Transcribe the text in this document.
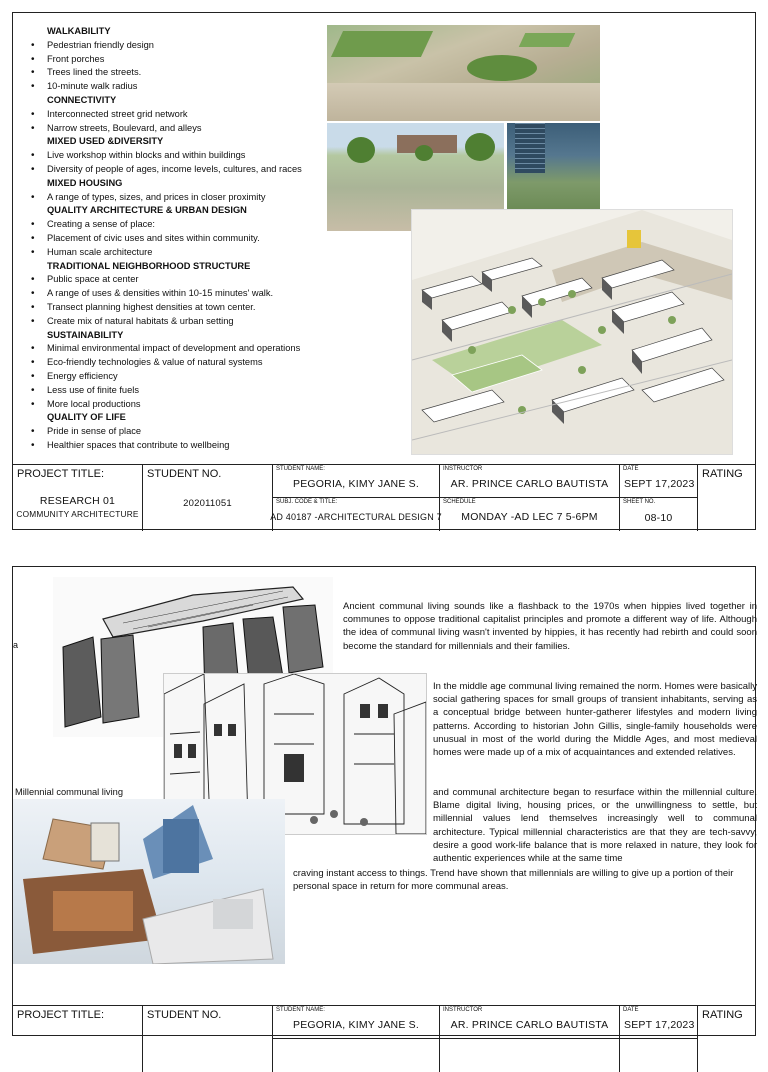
WALKABILITY
• Pedestrian friendly design
• Front porches
• Trees lined the streets.
• 10-minute walk radius
CONNECTIVITY
• Interconnected street grid network
• Narrow streets, Boulevard, and alleys
MIXED USED &DIVERSITY
• Live workshop within blocks and within buildings
• Diversity of people of ages, income levels, cultures, and races
MIXED HOUSING
• A range of types, sizes, and prices in closer proximity
QUALITY ARCHITECTURE & URBAN DESIGN
• Creating a sense of place:
• Placement of civic uses and sites within community.
• Human scale architecture
TRADITIONAL NEIGHBORHOOD STRUCTURE
• Public space at center
• A range of uses & densities within 10-15 minutes' walk.
• Transect planning highest densities at town center.
• Create mix of natural habitats & urban setting
SUSTAINABILITY
• Minimal environmental impact of development and operations
• Eco-friendly technologies & value of natural systems
• Energy efficiency
• Less use of finite fuels
• More local productions
QUALITY OF LIFE
• Pride in sense of place
• Healthier spaces that contribute to wellbeing
PROJECT TITLE:
RESEARCH 01
COMMUNITY ARCHITECTURE
STUDENT NO.
202011051
STUDENT NAME:
PEGORIA, KIMY JANE S.
SUBJ. CODE & TITLE:
AD 40187 -ARCHITECTURAL DESIGN 7
INSTRUCTOR
AR. PRINCE CARLO BAUTISTA
SCHEDULE
MONDAY -AD LEC 7 5-6PM
DATE
SEPT 17,2023
SHEET NO.
08-10
RATING
a
Millennial communal living

Ancient communal living sounds like a flashback to the 1970s when hippies lived together in communes to oppose traditional capitalist principles and promote a different way of life. Although the idea of communal living wasn't invented by hippies, it has recently had rebirth and could soon become the standard for millennials and their families.

In the middle age communal living remained the norm. Homes were basically social gathering spaces for small groups of transient inhabitants, serving as a conceptual bridge between hunter-gatherer lifestyles and modern living patterns. According to historian John Gillis, single-family households were unusual in most of the world during the Middle Ages, and most medieval homes were made up of a mix of acquaintances and extended relatives.

and communal architecture began to resurface within the millennial culture. Blame digital living, housing prices, or the unwillingness to settle, but millennial values lend themselves increasingly well to communal architecture. Typical millennial characteristics are that they are tech-savvy, desire a good work-life balance that is more relaxed in nature, they look for authentic experiences while at the same time

craving instant access to things. Trend have shown that millennials are willing to give up a portion of their personal space in return for more communal areas.

PROJECT TITLE:	STUDENT NO.	STUDENT NAME:
PEGORIA, KIMY JANE S.
INSTRUCTOR
AR. PRINCE CARLO BAUTISTA
DATE
SEPT 17,2023
RATING
